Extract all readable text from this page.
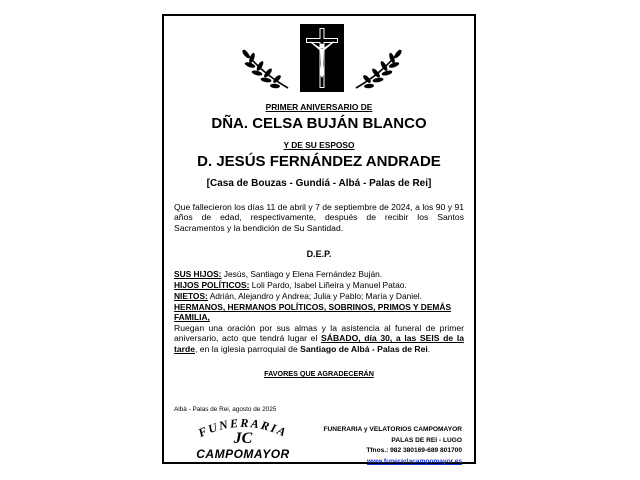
PRIMER ANIVERSARIO DE
DÑA. CELSA BUJÁN BLANCO
Y DE SU ESPOSO
D. JESÚS FERNÁNDEZ ANDRADE
[Casa de Bouzas - Gundiá - Albá - Palas de Rei]
Que fallecieron los días 11 de abril y 7 de septiembre de 2024, a los 90 y 91 años de edad, respectivamente, después de recibir los Santos Sacramentos y la bendición de Su Santidad.
D.E.P.
SUS HIJOS: Jesús, Santiago y Elena Fernández Buján.
HIJOS POLÍTICOS: Loli Pardo, Isabel Liñeira y Manuel Patao.
NIETOS: Adrián, Alejandro y Andrea; Julia y Pablo; María y Daniel.
HERMANOS, HERMANOS POLÍTICOS, SOBRINOS, PRIMOS Y DEMÁS
FAMILIA,
Ruegan una oración por sus almas y la asistencia al funeral de primer aniversario, acto que tendrá lugar el SÁBADO, día 30, a las SEIS de la tarde, en la iglesia parroquial de Santiago de Albá - Palas de Rei.
FAVORES QUE AGRADECERÁN
Albá - Palas de Rei, agosto de 2025
FUNERARIA
JC
CAMPOMAYOR
FUNERARIA y VELATORIOS CAMPOMAYOR
PALAS DE REI - LUGO
Tfnos.: 982 380169-689 801700
www.funerariacampomayor.es
